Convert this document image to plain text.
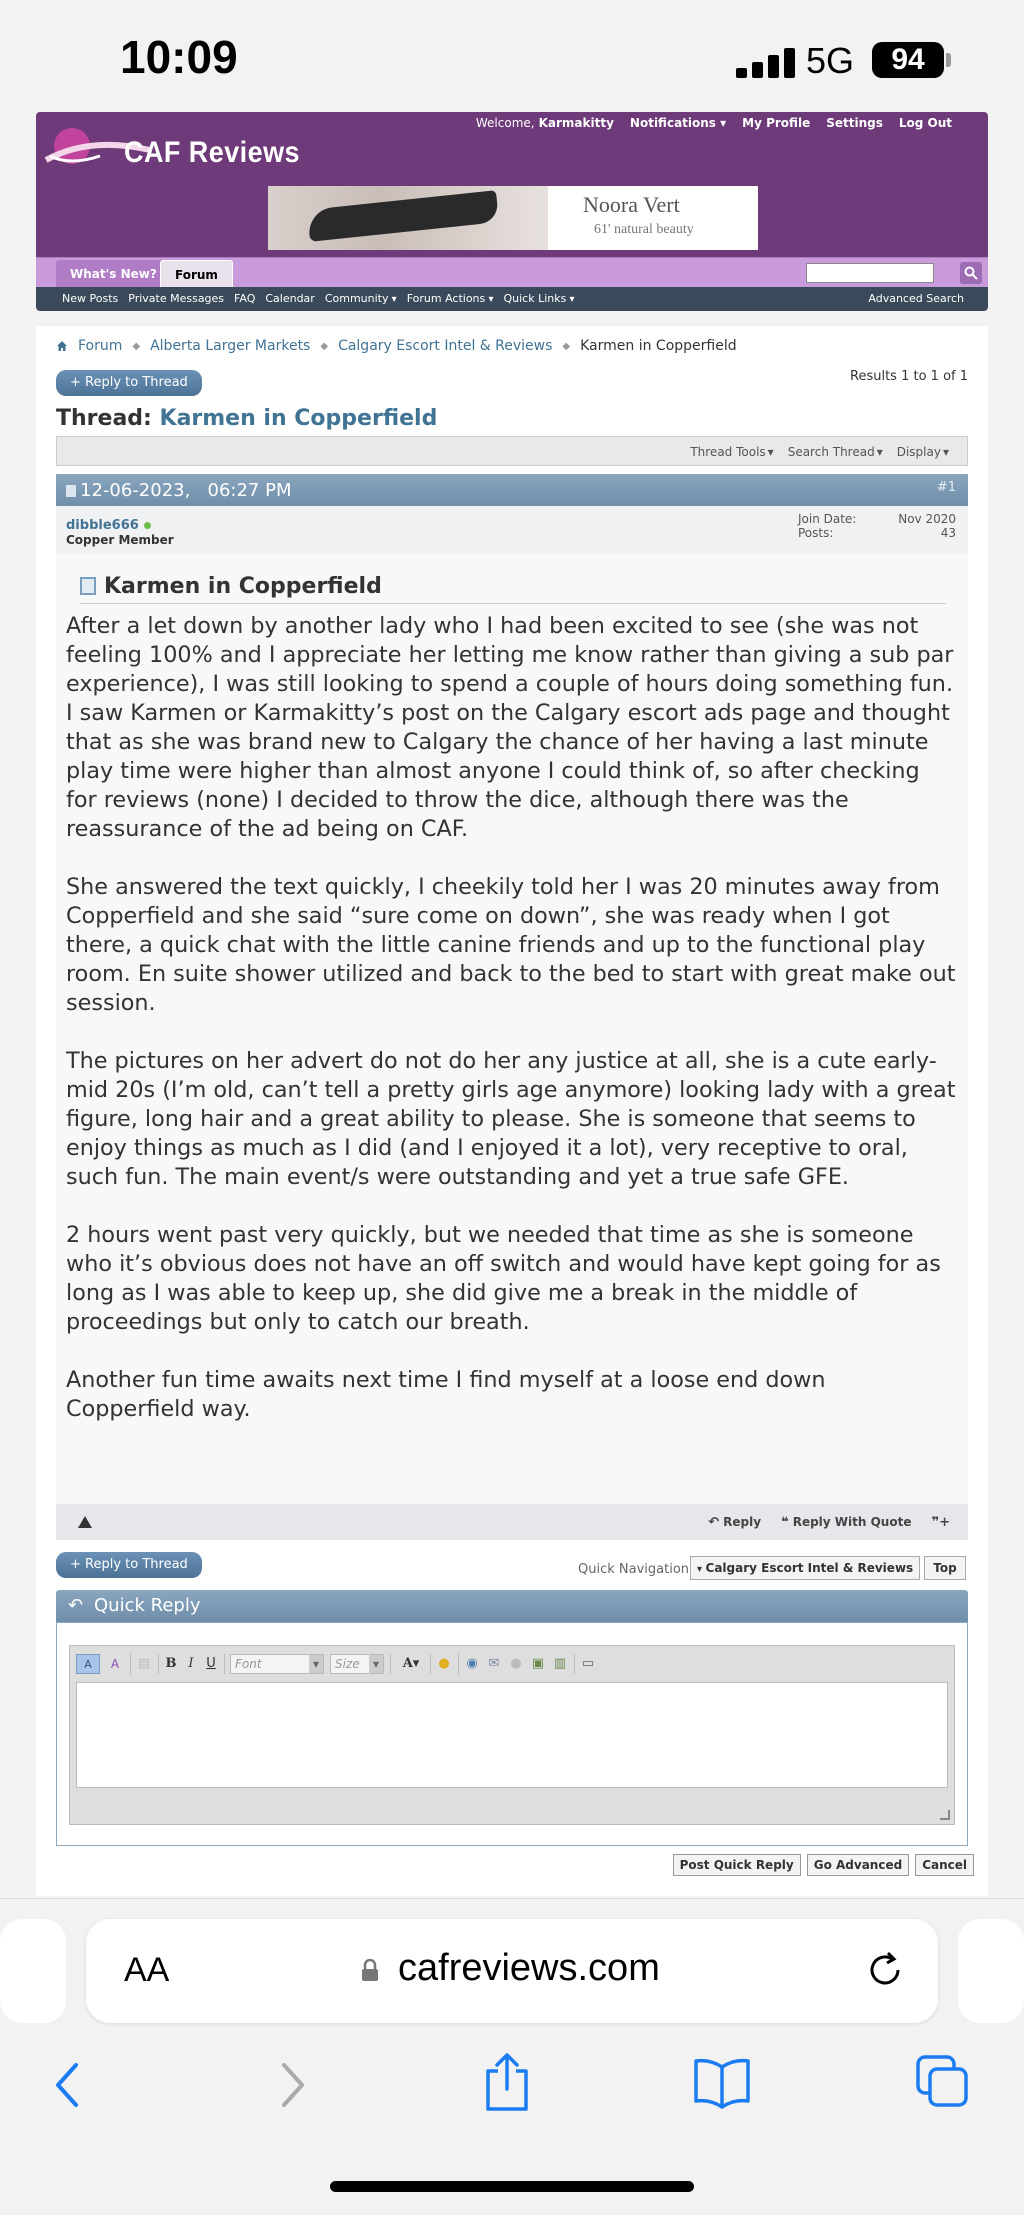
10:09	5G	94
CAF Reviews
Welcome, Karmakitty Notifications ▾ My Profile Settings Log Out
Noora Vert
61' natural beauty
What's New?	Forum
New Posts Private Messages FAQ Calendar Community ▾	Forum Actions ▾	Quick Links ▾	Advanced Search
Forum ◆ Alberta Larger Markets ◆ Calgary Escort Intel & Reviews ◆ Karmen in Copperfield
+ Reply to Thread	Results 1 to 1 of 1
Thread: Karmen in Copperfield
Thread Tools ▾	Search Thread ▾	Display ▾
12-06-2023, 06:27 PM	#1
dibble666
Copper Member
Join Date:
Posts:
Nov 2020
43
Karmen in Copperfield

After a let down by another lady who I had been excited to see (she was not feeling 100% and I appreciate her letting me know rather than giving a sub par experience), I was still looking to spend a couple of hours doing something fun. I saw Karmen or Karmakitty’s post on the Calgary escort ads page and thought that as she was brand new to Calgary the chance of her having a last minute play time were higher than almost anyone I could think of, so after checking for reviews (none) I decided to throw the dice, although there was the reassurance of the ad being on CAF.

She answered the text quickly, I cheekily told her I was 20 minutes away from Copperfield and she said “sure come on down”, she was ready when I got there, a quick chat with the little canine friends and up to the functional play room. En suite shower utilized and back to the bed to start with great make out session.

The pictures on her advert do not do her any justice at all, she is a cute early-mid 20s (I’m old, can’t tell a pretty girls age anymore) looking lady with a great figure, long hair and a great ability to please. She is someone that seems to enjoy things as much as I did (and I enjoyed it a lot), very receptive to oral, such fun. The main event/s were outstanding and yet a true safe GFE.

2 hours went past very quickly, but we needed that time as she is someone who it’s obvious does not have an off switch and would have kept going for as long as I was able to keep up, she did give me a break in the middle of proceedings but only to catch our breath.

Another fun time awaits next time I find myself at a loose end down Copperfield way.

↶ Reply ❝ Reply With Quote ❞+
+ Reply to Thread	Quick Navigation
▾	Calgary Escort Intel & Reviews	Top
↶ Quick Reply
A	A	▤ B I U	Font ▾	Size ▾	A▾	●	◉ ✉ ● ▣ ▥ ▭
Post Quick Reply	Go Advanced	Cancel
AA	cafreviews.com
